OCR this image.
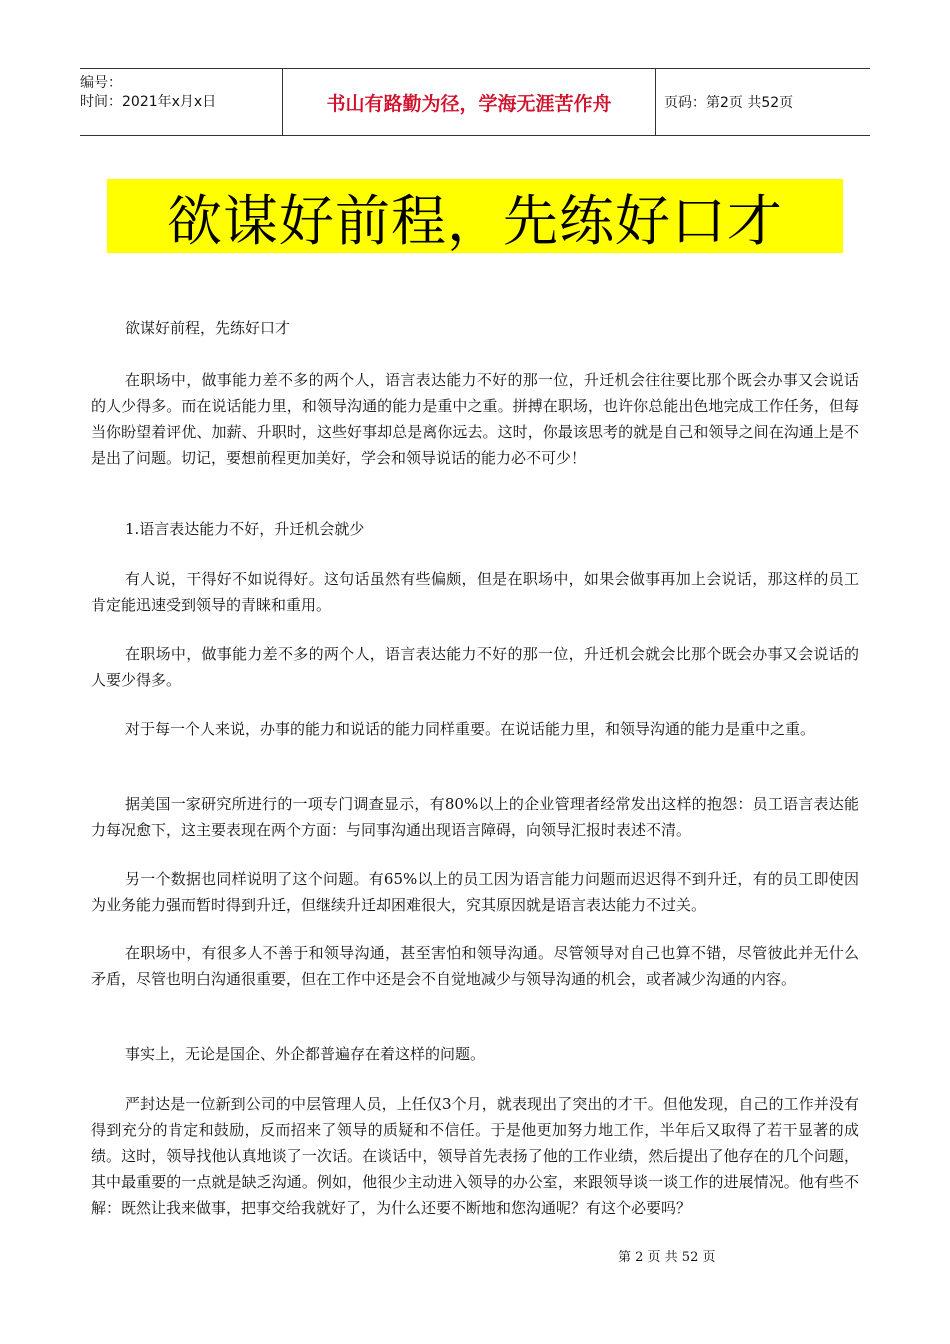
编号：
时间：2021年x月x日	书山有路勤为径，学海无涯苦作舟	页码：第2页 共52页
欲谋好前程，先练好口才
欲谋好前程，先练好口才
在职场中，做事能力差不多的两个人，语言表达能力不好的那一位，升迁机会往往要比那个既会办事又会说话的人少得多。而在说话能力里，和领导沟通的能力是重中之重。拼搏在职场，也许你总能出色地完成工作任务，但每当你盼望着评优、加薪、升职时，这些好事却总是离你远去。这时，你最该思考的就是自己和领导之间在沟通上是不是出了问题。切记，要想前程更加美好，学会和领导说话的能力必不可少！
1.语言表达能力不好，升迁机会就少
有人说，干得好不如说得好。这句话虽然有些偏颇，但是在职场中，如果会做事再加上会说话，那这样的员工肯定能迅速受到领导的青睐和重用。
在职场中，做事能力差不多的两个人，语言表达能力不好的那一位，升迁机会就会比那个既会办事又会说话的人要少得多。
对于每一个人来说，办事的能力和说话的能力同样重要。在说话能力里，和领导沟通的能力是重中之重。
据美国一家研究所进行的一项专门调查显示，有80%以上的企业管理者经常发出这样的抱怨：员工语言表达能力每况愈下，这主要表现在两个方面：与同事沟通出现语言障碍，向领导汇报时表述不清。
另一个数据也同样说明了这个问题。有65%以上的员工因为语言能力问题而迟迟得不到升迁，有的员工即使因为业务能力强而暂时得到升迁，但继续升迁却困难很大，究其原因就是语言表达能力不过关。
在职场中，有很多人不善于和领导沟通，甚至害怕和领导沟通。尽管领导对自己也算不错，尽管彼此并无什么矛盾，尽管也明白沟通很重要，但在工作中还是会不自觉地减少与领导沟通的机会，或者减少沟通的内容。
事实上，无论是国企、外企都普遍存在着这样的问题。
严封达是一位新到公司的中层管理人员，上任仅3个月，就表现出了突出的才干。但他发现，自己的工作并没有得到充分的肯定和鼓励，反而招来了领导的质疑和不信任。于是他更加努力地工作，半年后又取得了若干显著的成绩。这时，领导找他认真地谈了一次话。在谈话中，领导首先表扬了他的工作业绩，然后提出了他存在的几个问题，其中最重要的一点就是缺乏沟通。例如，他很少主动进入领导的办公室，来跟领导谈一谈工作的进展情况。他有些不解：既然让我来做事，把事交给我就好了，为什么还要不断地和您沟通呢？有这个必要吗？
第 2 页 共 52 页
